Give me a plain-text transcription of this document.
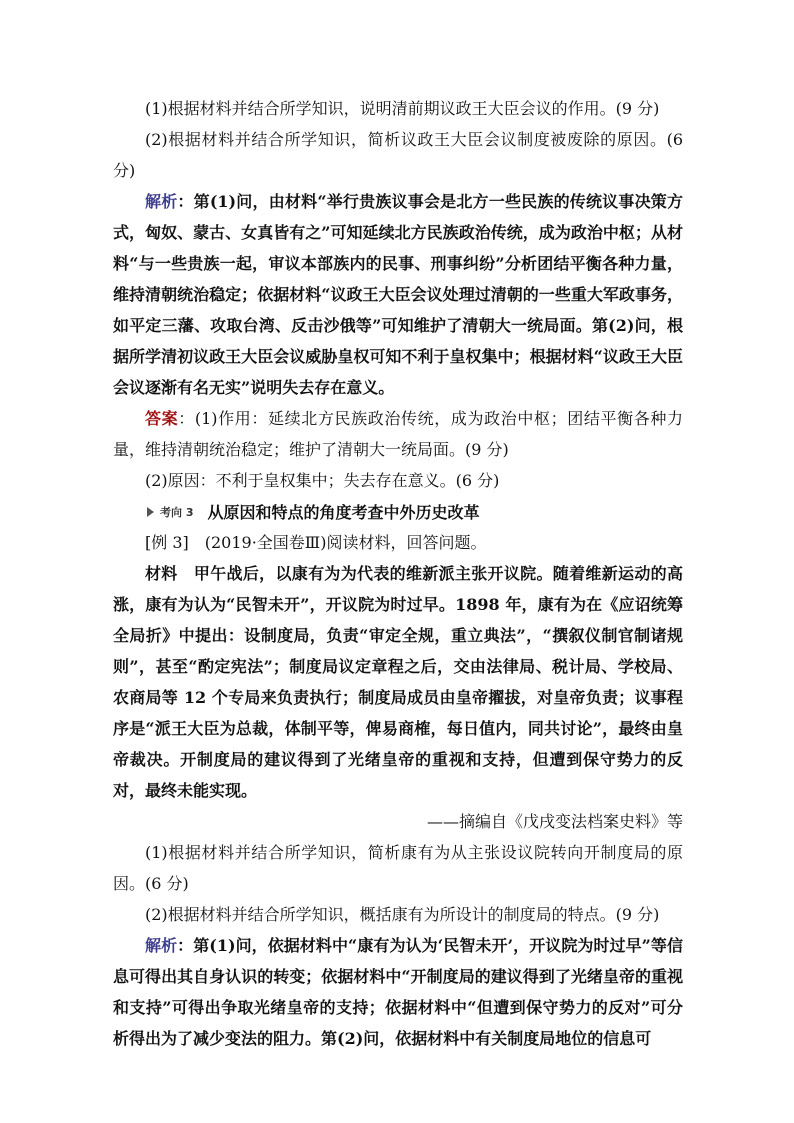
(1)根据材料并结合所学知识，说明清前期议政王大臣会议的作用。(9 分)

(2)根据材料并结合所学知识，简析议政王大臣会议制度被废除的原因。(6 分)

解析：第(1)问，由材料“举行贵族议事会是北方一些民族的传统议事决策方式，匈奴、蒙古、女真皆有之”可知延续北方民族政治传统，成为政治中枢；从材料“与一些贵族一起，审议本部族内的民事、刑事纠纷”分析团结平衡各种力量，维持清朝统治稳定；依据材料“议政王大臣会议处理过清朝的一些重大军政事务，如平定三藩、攻取台湾、反击沙俄等”可知维护了清朝大一统局面。第(2)问，根据所学清初议政王大臣会议威胁皇权可知不利于皇权集中；根据材料“议政王大臣会议逐渐有名无实”说明失去存在意义。

答案：(1)作用：延续北方民族政治传统，成为政治中枢；团结平衡各种力量，维持清朝统治稳定；维护了清朝大一统局面。(9 分)

(2)原因：不利于皇权集中；失去存在意义。(6 分)

考向 3 从原因和特点的角度考查中外历史改革

[例 3]　(2019·全国卷Ⅲ)阅读材料，回答问题。

材料　甲午战后，以康有为为代表的维新派主张开议院。随着维新运动的高涨，康有为认为“民智未开”，开议院为时过早。1898 年，康有为在《应诏统筹全局折》中提出：设制度局，负责“审定全规，重立典法”，“撰叙仪制官制诸规则”，甚至“酌定宪法”；制度局议定章程之后，交由法律局、税计局、学校局、农商局等 12 个专局来负责执行；制度局成员由皇帝擢拔，对皇帝负责；议事程序是“派王大臣为总裁，体制平等，俾易商榷，每日值内，同共讨论”，最终由皇帝裁决。开制度局的建议得到了光绪皇帝的重视和支持，但遭到保守势力的反对，最终未能实现。

——摘编自《戊戌变法档案史料》等

(1)根据材料并结合所学知识，简析康有为从主张设议院转向开制度局的原因。(6 分)

(2)根据材料并结合所学知识，概括康有为所设计的制度局的特点。(9 分)

解析：第(1)问，依据材料中“康有为认为‘民智未开’，开议院为时过早”等信息可得出其自身认识的转变；依据材料中“开制度局的建议得到了光绪皇帝的重视和支持”可得出争取光绪皇帝的支持；依据材料中“但遭到保守势力的反对”可分析得出为了减少变法的阻力。第(2)问，依据材料中有关制度局地位的信息可
